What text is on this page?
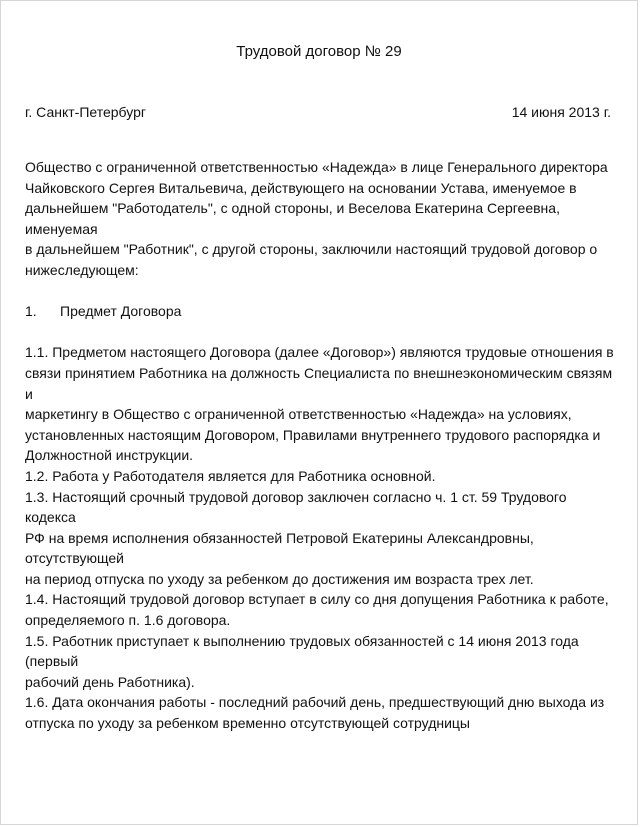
Трудовой договор № 29
г. Санкт-Петербург	14 июня 2013 г.
Общество с ограниченной ответственностью «Надежда» в лице Генерального директора
Чайковского Сергея Витальевича, действующего на основании Устава, именуемое в
дальнейшем "Работодатель", с одной стороны, и Веселова Екатерина Сергеевна, именуемая
в дальнейшем "Работник", с другой стороны, заключили настоящий трудовой договор о
нижеследующем:
1.	Предмет Договора
1.1. Предметом настоящего Договора (далее «Договор») являются трудовые отношения в
связи принятием Работника на должность Специалиста по внешнеэкономическим связям и
маркетингу в Общество с ограниченной ответственностью «Надежда» на условиях,
установленных настоящим Договором, Правилами внутреннего трудового распорядка и
Должностной инструкции.
1.2. Работа у Работодателя является для Работника основной.
1.3. Настоящий срочный трудовой договор заключен согласно ч. 1 ст. 59 Трудового кодекса
РФ на время исполнения обязанностей Петровой Екатерины Александровны, отсутствующей
на период отпуска по уходу за ребенком до достижения им возраста трех лет.
1.4. Настоящий трудовой договор вступает в силу со дня допущения Работника к работе,
определяемого п. 1.6 договора.
1.5. Работник приступает к выполнению трудовых обязанностей с 14 июня 2013 года (первый
рабочий день Работника).
1.6. Дата окончания работы - последний рабочий день, предшествующий дню выхода из
отпуска по уходу за ребенком временно отсутствующей сотрудницы
